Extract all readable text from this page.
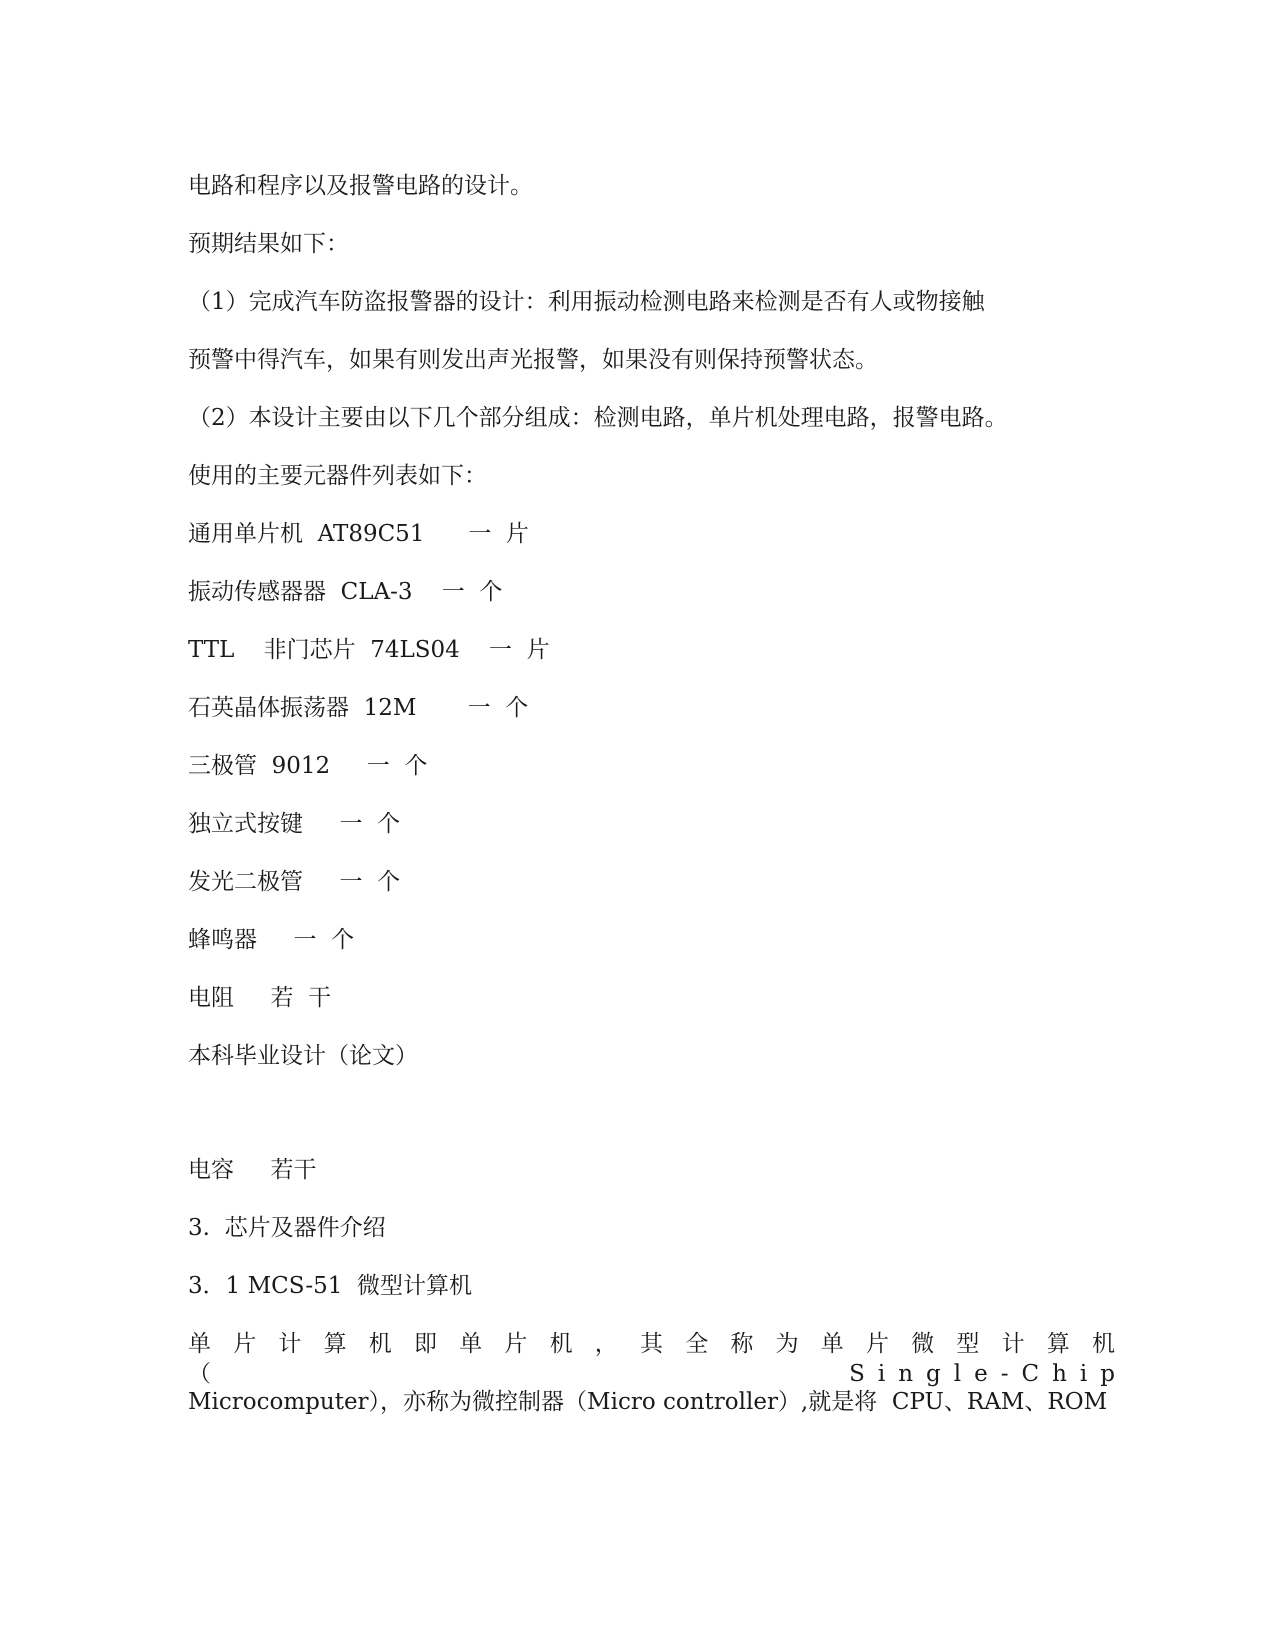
电路和程序以及报警电路的设计。

预期结果如下：

（1）完成汽车防盗报警器的设计：利用振动检测电路来检测是否有人或物接触

预警中得汽车，如果有则发出声光报警，如果没有则保持预警状态。

（2）本设计主要由以下几个部分组成：检测电路，单片机处理电路，报警电路。

使用的主要元器件列表如下：

通用单片机  AT89C51      一  片

振动传感器器  CLA-3    一  个

TTL    非门芯片  74LS04    一  片

石英晶体振荡器  12M       一  个

三极管  9012     一  个

独立式按键     一  个

发光二极管     一  个

蜂鸣器     一  个

电阻     若  干

本科毕业设计（论文）

电容     若干

3.  芯片及器件介绍

3．1 MCS-51  微型计算机

单片计算机即单片机，其全称为单片微型计算机（Single-Chip

Microcomputer），亦称为微控制器（Micro controller）,就是将  CPU、RAM、ROM
